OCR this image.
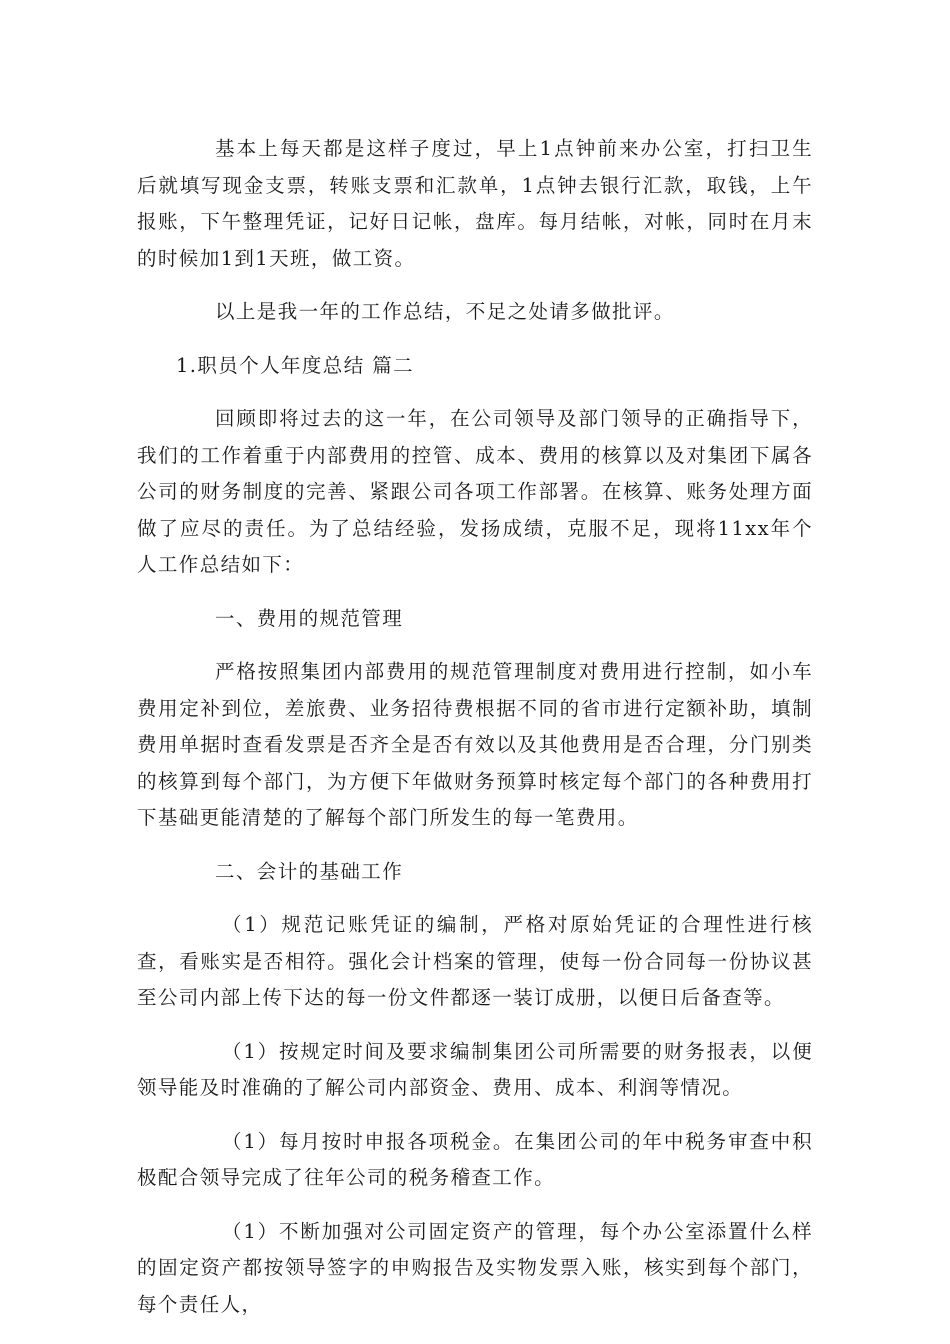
基本上每天都是这样子度过，早上1点钟前来办公室，打扫卫生后就填写现金支票，转账支票和汇款单，1点钟去银行汇款，取钱，上午报账，下午整理凭证，记好日记帐，盘库。每月结帐，对帐，同时在月末的时候加1到1天班，做工资。

以上是我一年的工作总结，不足之处请多做批评。

1.职员个人年度总结 篇二

回顾即将过去的这一年，在公司领导及部门领导的正确指导下，我们的工作着重于内部费用的控管、成本、费用的核算以及对集团下属各公司的财务制度的完善、紧跟公司各项工作部署。在核算、账务处理方面做了应尽的责任。为了总结经验，发扬成绩，克服不足，现将11xx年个人工作总结如下：

一、费用的规范管理

严格按照集团内部费用的规范管理制度对费用进行控制，如小车费用定补到位，差旅费、业务招待费根据不同的省市进行定额补助，填制费用单据时查看发票是否齐全是否有效以及其他费用是否合理，分门别类的核算到每个部门，为方便下年做财务预算时核定每个部门的各种费用打下基础更能清楚的了解每个部门所发生的每一笔费用。

二、会计的基础工作

（1）规范记账凭证的编制，严格对原始凭证的合理性进行核查，看账实是否相符。强化会计档案的管理，使每一份合同每一份协议甚至公司内部上传下达的每一份文件都逐一装订成册，以便日后备查等。

（1）按规定时间及要求编制集团公司所需要的财务报表，以便领导能及时准确的了解公司内部资金、费用、成本、利润等情况。

（1）每月按时申报各项税金。在集团公司的年中税务审查中积极配合领导完成了往年公司的税务稽查工作。

（1）不断加强对公司固定资产的管理，每个办公室添置什么样的固定资产都按领导签字的申购报告及实物发票入账，核实到每个部门，每个责任人，
